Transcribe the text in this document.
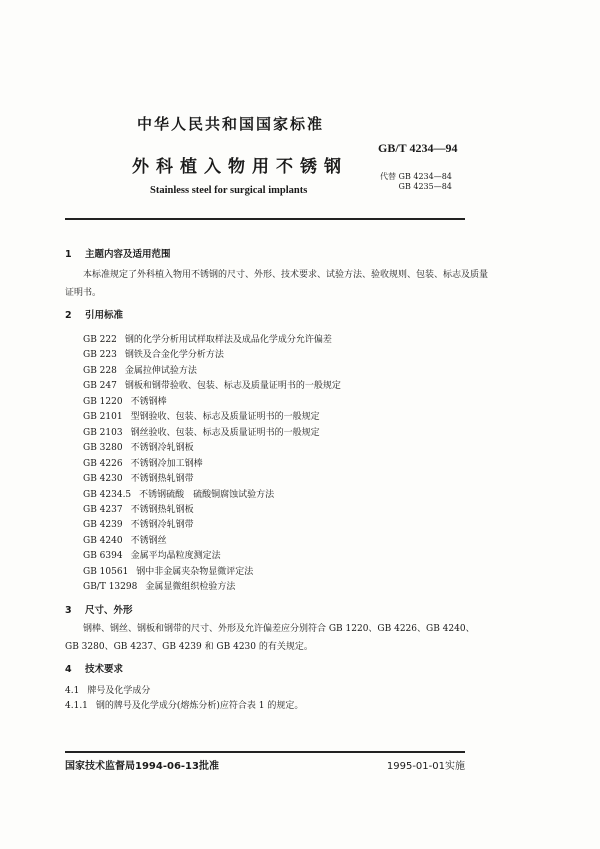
中华人民共和国国家标准
GB/T 4234—94
外科植入物用不锈钢	代替 GB 4234—84
GB 4235—84
Stainless steel for surgical implants
1 主题内容及适用范围
本标准规定了外科植入物用不锈钢的尺寸、外形、技术要求、试验方法、验收规则、包装、标志及质量
证明书。
2 引用标准
GB 222 钢的化学分析用试样取样法及成品化学成分允许偏差
GB 223 钢铁及合金化学分析方法
GB 228 金属拉伸试验方法
GB 247 钢板和钢带验收、包装、标志及质量证明书的一般规定
GB 1220 不锈钢棒
GB 2101 型钢验收、包装、标志及质量证明书的一般规定
GB 2103 钢丝验收、包装、标志及质量证明书的一般规定
GB 3280 不锈钢冷轧钢板
GB 4226 不锈钢冷加工钢棒
GB 4230 不锈钢热轧钢带
GB 4234.5 不锈钢硫酸　硫酸铜腐蚀试验方法
GB 4237 不锈钢热轧钢板
GB 4239 不锈钢冷轧钢带
GB 4240 不锈钢丝
GB 6394 金属平均晶粒度测定法
GB 10561 钢中非金属夹杂物显微评定法
GB/T 13298 金属显微组织检验方法
3 尺寸、外形
钢棒、钢丝、钢板和钢带的尺寸、外形及允许偏差应分别符合 GB 1220、GB 4226、GB 4240、
GB 3280、GB 4237、GB 4239 和 GB 4230 的有关规定。
4 技术要求
4.1 牌号及化学成分
4.1.1 钢的牌号及化学成分(熔炼分析)应符合表 1 的规定。
国家技术监督局1994-06-13批准	1995-01-01实施
